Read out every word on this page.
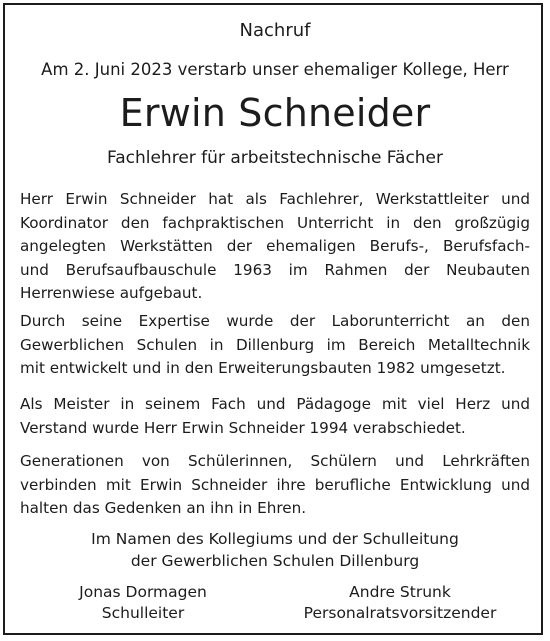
Nachruf
Am 2. Juni 2023 verstarb unser ehemaliger Kollege, Herr
Erwin Schneider
Fachlehrer für arbeitstechnische Fächer

Herr Erwin Schneider hat als Fachlehrer, Werkstattleiter und
Koordinator den fachpraktischen Unterricht in den großzügig
angelegten Werkstätten der ehemaligen Berufs-, Berufsfach-
und Berufsaufbauschule 1963 im Rahmen der Neubauten
Herrenwiese aufgebaut.

Durch seine Expertise wurde der Laborunterricht an den
Gewerblichen Schulen in Dillenburg im Bereich Metalltechnik
mit entwickelt und in den Erweiterungsbauten 1982 umgesetzt.

Als Meister in seinem Fach und Pädagoge mit viel Herz und
Verstand wurde Herr Erwin Schneider 1994 verabschiedet.

Generationen von Schülerinnen, Schülern und Lehrkräften
verbinden mit Erwin Schneider ihre berufliche Entwicklung und
halten das Gedenken an ihn in Ehren.

Im Namen des Kollegiums und der Schulleitung
der Gewerblichen Schulen Dillenburg
Jonas Dormagen
Schulleiter
Andre Strunk
Personalratsvorsitzender
